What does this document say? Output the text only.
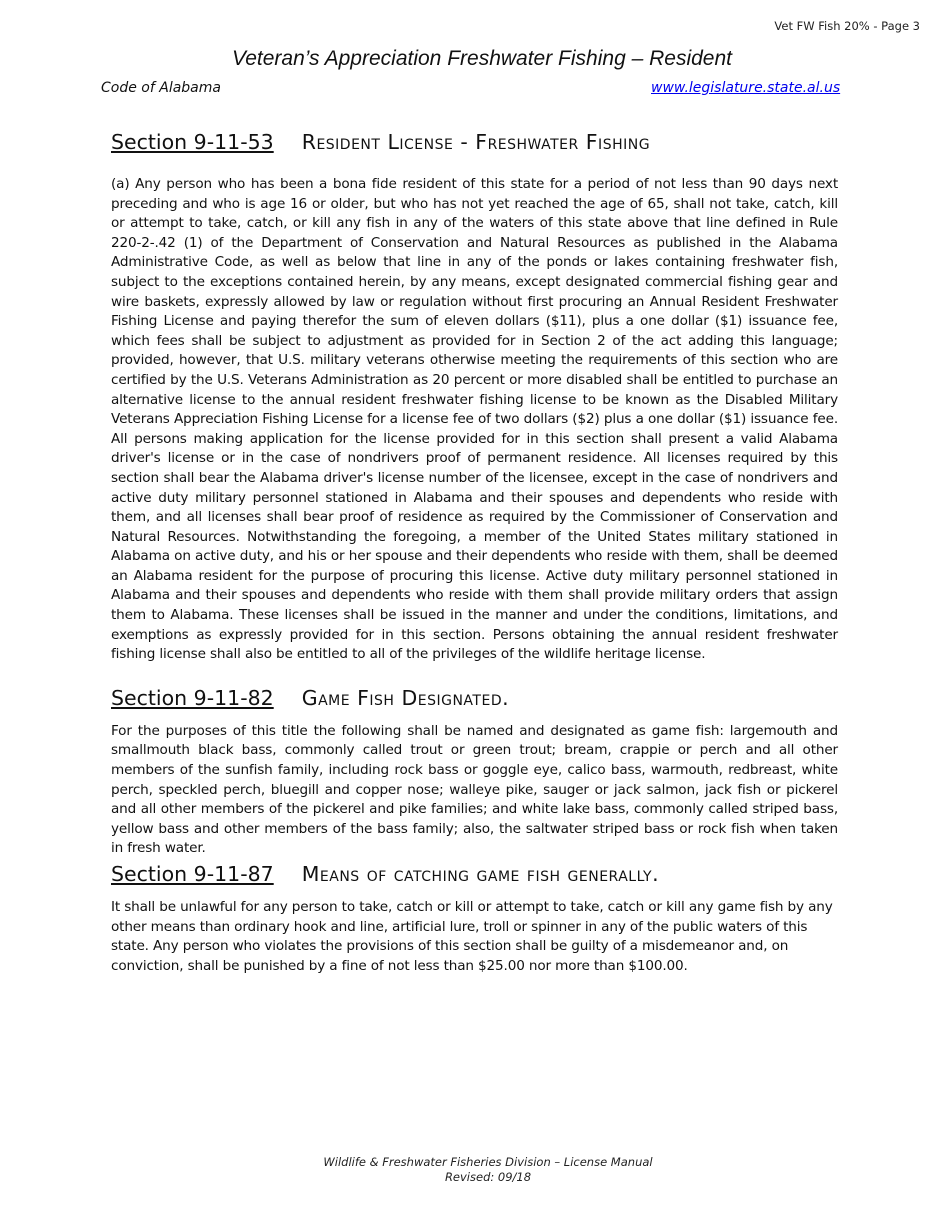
Vet FW Fish 20% - Page 3
Veteran’s Appreciation Freshwater Fishing – Resident
Code of Alabama	www.legislature.state.al.us
Section 9-11-53 Resident License - Freshwater Fishing

(a) Any person who has been a bona fide resident of this state for a period of not less than 90 days next preceding and who is age 16 or older, but who has not yet reached the age of 65, shall not take, catch, kill or attempt to take, catch, or kill any fish in any of the waters of this state above that line defined in Rule 220-2-.42 (1) of the Department of Conservation and Natural Resources as published in the Alabama Administrative Code, as well as below that line in any of the ponds or lakes containing freshwater fish, subject to the exceptions contained herein, by any means, except designated commercial fishing gear and wire baskets, expressly allowed by law or regulation without first procuring an Annual Resident Freshwater Fishing License and paying therefor the sum of eleven dollars ($11), plus a one dollar ($1) issuance fee, which fees shall be subject to adjustment as provided for in Section 2 of the act adding this language; provided, however, that U.S. military veterans otherwise meeting the requirements of this section who are certified by the U.S. Veterans Administration as 20 percent or more disabled shall be entitled to purchase an alternative license to the annual resident freshwater fishing license to be known as the Disabled Military Veterans Appreciation Fishing License for a license fee of two dollars ($2) plus a one dollar ($1) issuance fee. All persons making application for the license provided for in this section shall present a valid Alabama driver's license or in the case of nondrivers proof of permanent residence. All licenses required by this section shall bear the Alabama driver's license number of the licensee, except in the case of nondrivers and active duty military personnel stationed in Alabama and their spouses and dependents who reside with them, and all licenses shall bear proof of residence as required by the Commissioner of Conservation and Natural Resources. Notwithstanding the foregoing, a member of the United States military stationed in Alabama on active duty, and his or her spouse and their dependents who reside with them, shall be deemed an Alabama resident for the purpose of procuring this license. Active duty military personnel stationed in Alabama and their spouses and dependents who reside with them shall provide military orders that assign them to Alabama. These licenses shall be issued in the manner and under the conditions, limitations, and exemptions as expressly provided for in this section. Persons obtaining the annual resident freshwater fishing license shall also be entitled to all of the privileges of the wildlife heritage license.

Section 9-11-82 Game Fish Designated.

For the purposes of this title the following shall be named and designated as game fish: largemouth and smallmouth black bass, commonly called trout or green trout; bream, crappie or perch and all other members of the sunfish family, including rock bass or goggle eye, calico bass, warmouth, redbreast, white perch, speckled perch, bluegill and copper nose; walleye pike, sauger or jack salmon, jack fish or pickerel and all other members of the pickerel and pike families; and white lake bass, commonly called striped bass, yellow bass and other members of the bass family; also, the saltwater striped bass or rock fish when taken in fresh water.

Section 9-11-87 Means of catching game fish generally.

It shall be unlawful for any person to take, catch or kill or attempt to take, catch or kill any game fish by any other means than ordinary hook and line, artificial lure, troll or spinner in any of the public waters of this state. Any person who violates the provisions of this section shall be guilty of a misdemeanor and, on conviction, shall be punished by a fine of not less than $25.00 nor more than $100.00.

Wildlife & Freshwater Fisheries Division – License Manual
Revised: 09/18
